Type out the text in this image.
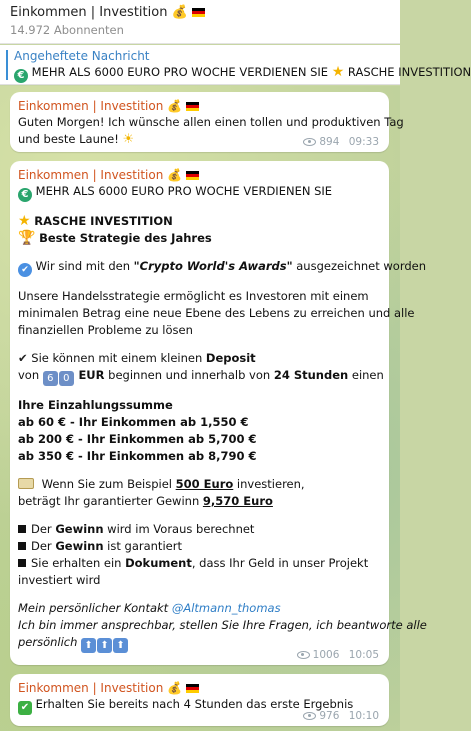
Einkommen | Investition 💰
14.972 Abonnenten
Angeheftete Nachricht
€ MEHR ALS 6000 EURO PRO WOCHE VERDIENEN SIE ★ RASCHE INVESTITION
Einkommen | Investition 💰
Guten Morgen! Ich wünsche allen einen tollen und produktiven Tag
und beste Laune! ☀	894 09:33
Einkommen | Investition 💰
€ MEHR ALS 6000 EURO PRO WOCHE VERDIENEN SIE
★ RASCHE INVESTITION
🏆 Beste Strategie des Jahres
✔ Wir sind mit den "Crypto World's Awards" ausgezeichnet worden
Unsere Handelsstrategie ermöglicht es Investoren mit einem
minimalen Betrag eine neue Ebene des Lebens zu erreichen und alle
finanziellen Probleme zu lösen
✔ Sie können mit einem kleinen Deposit
von 6 0 EUR beginnen und innerhalb von 24 Stunden einen
Ihre Einzahlungssumme
ab 60 € - Ihr Einkommen ab 1,550 €
ab 200 € - Ihr Einkommen ab 5,700 €
ab 350 € - Ihr Einkommen ab 8,790 €
Wenn Sie zum Beispiel 500 Euro investieren,
beträgt Ihr garantierter Gewinn 9,570 Euro
Der Gewinn wird im Voraus berechnet
Der Gewinn ist garantiert
Sie erhalten ein Dokument, dass Ihr Geld in unser Projekt
investiert wird
Mein persönlicher Kontakt @Altmann_thomas
Ich bin immer ansprechbar, stellen Sie Ihre Fragen, ich beantworte alle
persönlich ⬆ ⬆ ⬆
1006 10:05
Einkommen | Investition 💰
✔ Erhalten Sie bereits nach 4 Stunden das erste Ergebnis
976 10:10
